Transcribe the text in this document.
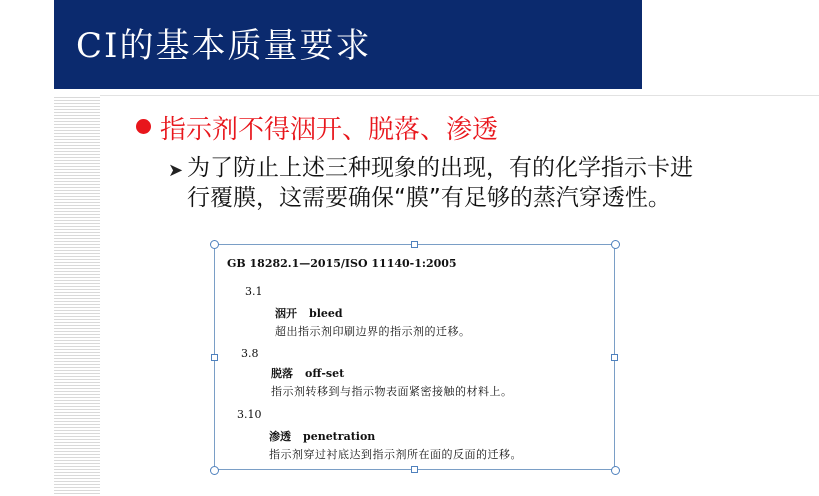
CI的基本质量要求
指示剂不得洇开、脱落、渗透
➤ 为了防止上述三种现象的出现，有的化学指示卡进行覆膜，这需要确保“膜”有足够的蒸汽穿透性。
GB 18282.1—2015/ISO 11140-1:2005
3.1
洇开 bleed
超出指示剂印刷边界的指示剂的迁移。
3.8
脱落 off-set
指示剂转移到与指示物表面紧密接触的材料上。
3.10
渗透 penetration
指示剂穿过衬底达到指示剂所在面的反面的迁移。
